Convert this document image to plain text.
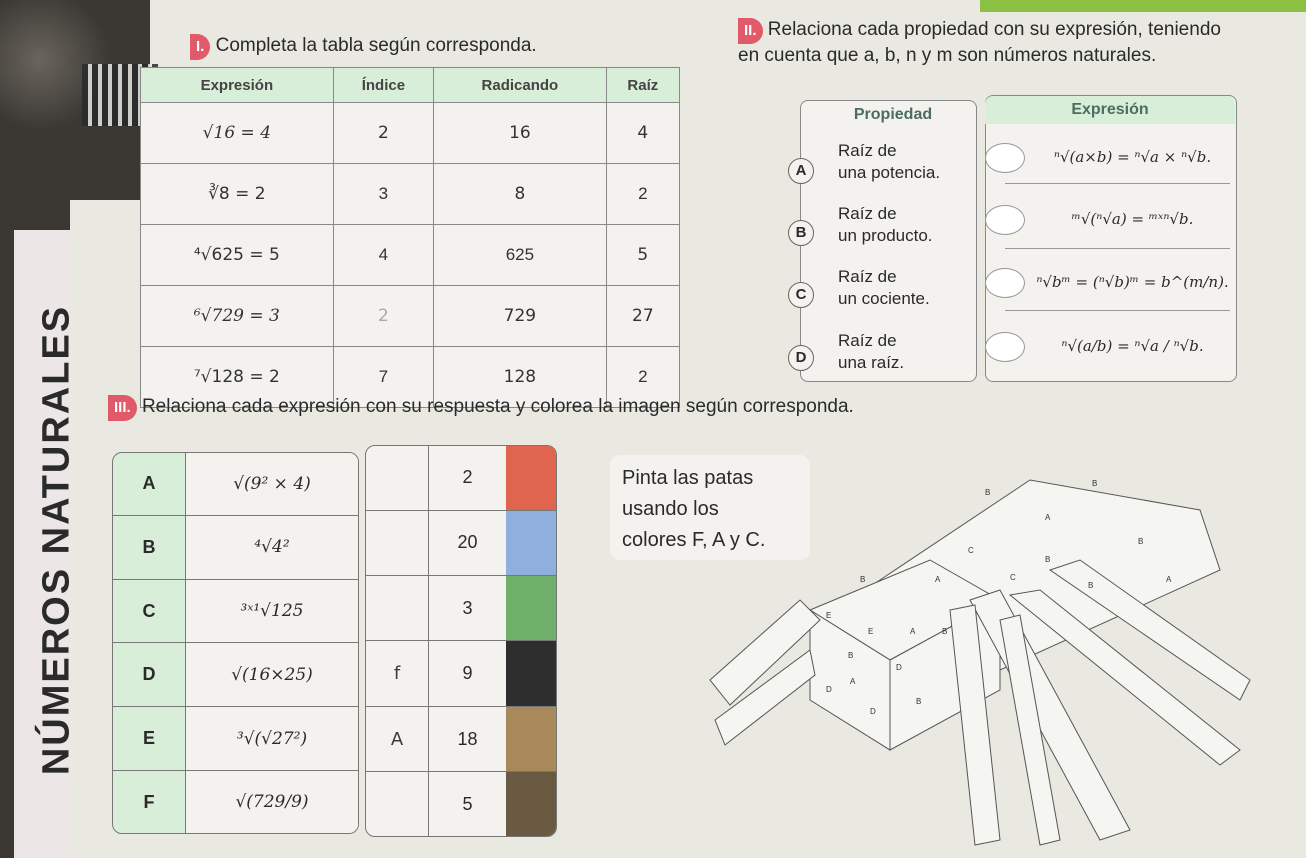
NÚMEROS NATURALES
I. Completa la tabla según corresponda.
Expresión	Índice	Radicando	Raíz
√16 = 4	2	16	4
∛8 = 2	3	8	2
⁴√625 = 5	4	625	5
⁶√729 = 3	2	729	27
⁷√128 = 2	7	128	2
II. Relaciona cada propiedad con su expresión, teniendo en cuenta que a, b, n y m son números naturales.
Propiedad
A
Raíz de
una potencia.
B
Raíz de
un producto.
C
Raíz de
un cociente.
D
Raíz de
una raíz.
Expresión
ⁿ√(a×b) = ⁿ√a × ⁿ√b.
ᵐ√(ⁿ√a) = ᵐˣⁿ√b.
ⁿ√bᵐ = (ⁿ√b)ᵐ = b^(m/n).
ⁿ√(a/b) = ⁿ√a / ⁿ√b.
III. Relaciona cada expresión con su respuesta y colorea la imagen según corresponda.
A	√(9² × 4)
B	⁴√4²
C	³ˣ¹√125
D	√(16×25)
E	³√(√27²)
F	√(729/9)
	2	
	20	
	3	
f	9	
A	18	
	5	
Pinta las patas
usando los
colores F, A y C.
B
B
A
C
B
B
B	A	C
B
A
E
E	A	B
B
D
D
A
B
D
